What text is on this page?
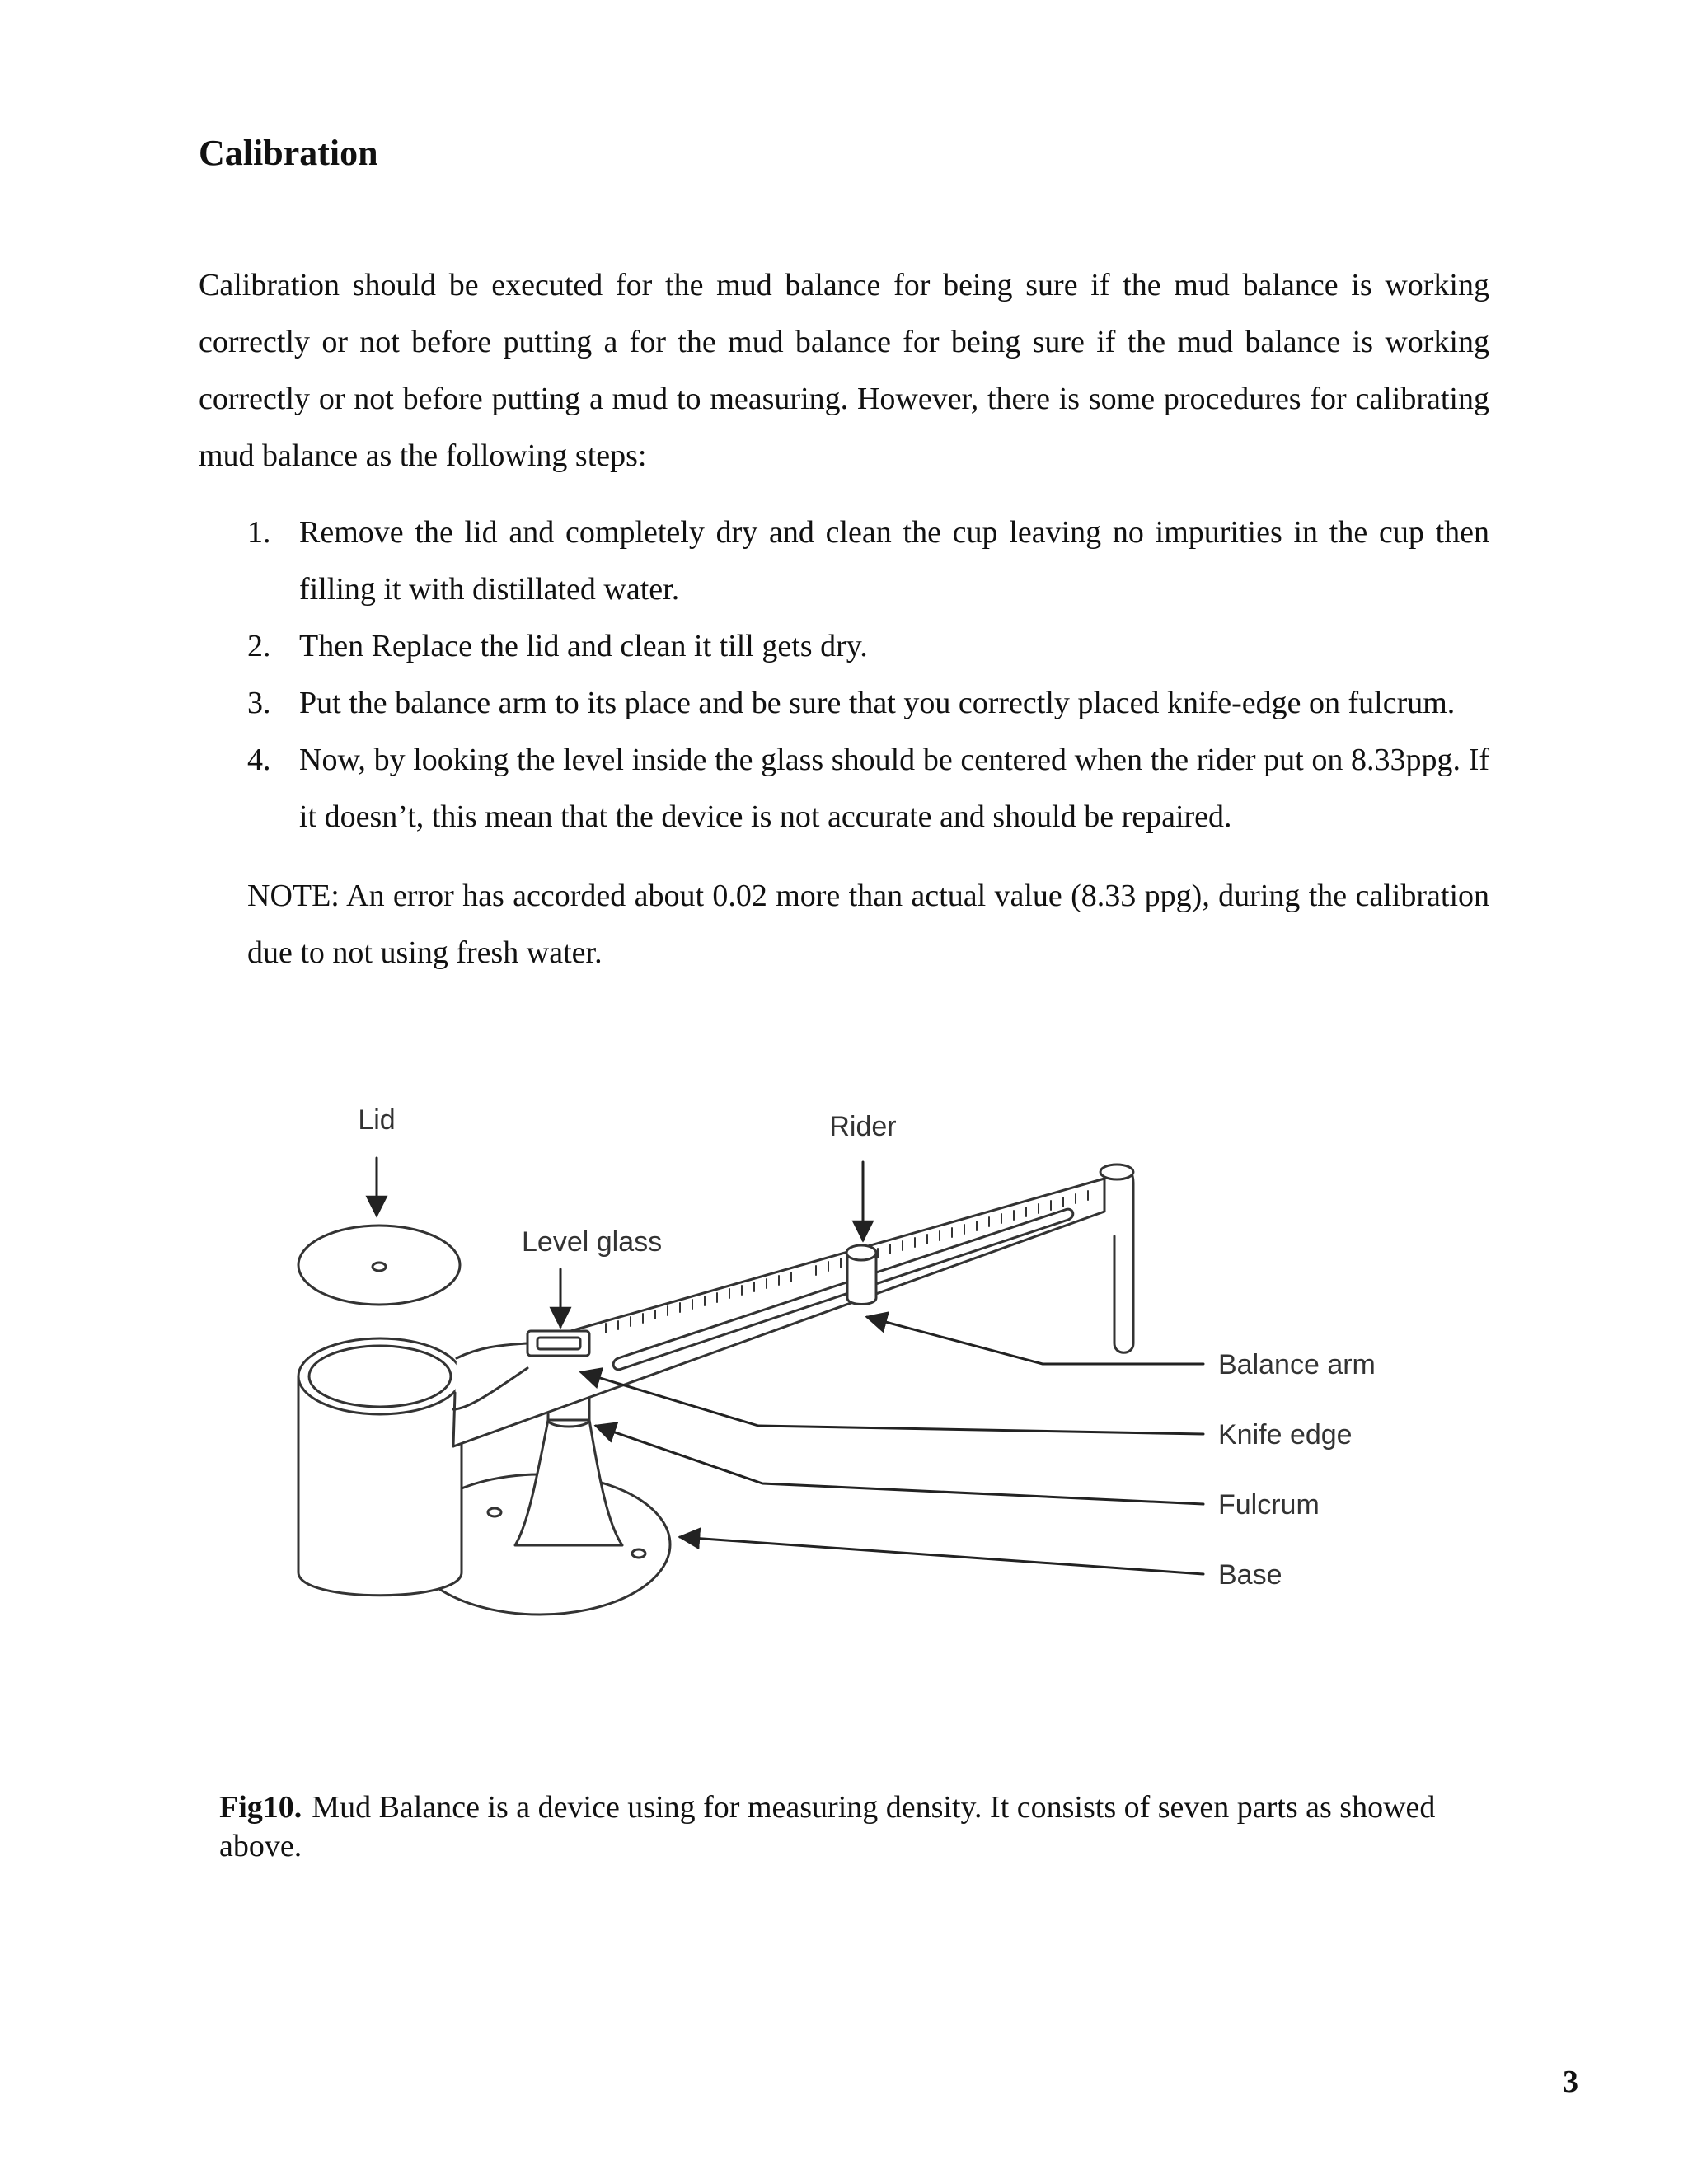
Calibration

Calibration should be executed for the mud balance for being sure if the mud balance is working correctly or not before putting a for the mud balance for being sure if the mud balance is working correctly or not before putting a mud to measuring. However, there is some procedures for calibrating mud balance as the following steps:

1. Remove the lid and completely dry and clean the cup leaving no impurities in the cup then filling it with distillated water.
2. Then Replace the lid and clean it till gets dry.
3. Put the balance arm to its place and be sure that you correctly placed knife-edge on fulcrum.
4. Now, by looking the level inside the glass should be centered when the rider put on 8.33ppg. If it doesn’t, this mean that the device is not accurate and should be repaired.

NOTE: An error has accorded about 0.02 more than actual value (8.33 ppg), during the calibration due to not using fresh water.

Lid	Rider
Level glass
Balance arm
Knife edge
Fulcrum
Base

Fig10. Mud Balance is a device using for measuring density. It consists of seven parts as showed above.

3
